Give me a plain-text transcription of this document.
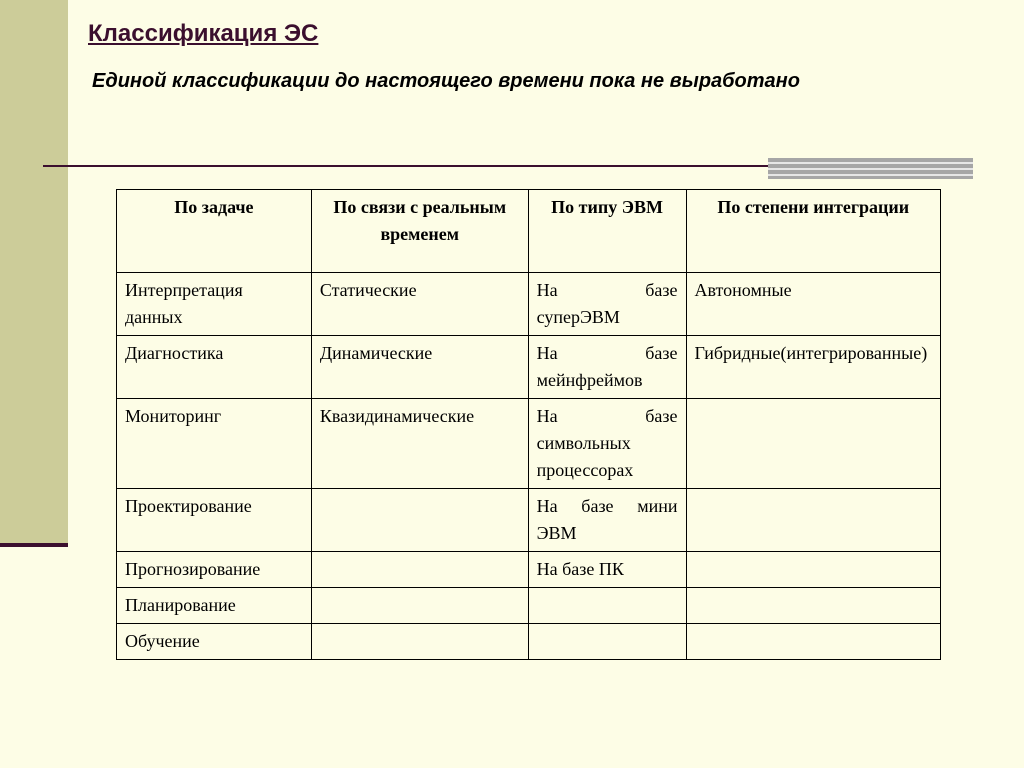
Классификация ЭС

Единой классификации до настоящего времени пока не выработано

По задаче	По связи с реальным временем	По типу ЭВМ	По степени интеграции
Интерпретация данных	Статические	На базе суперЭВМ	Автономные
Диагностика	Динамические	На базе мейнфреймов	Гибридные(интегрированные)
Мониторинг	Квазидинамические	На базе символьных процессорах	
Проектирование		На базе мини ЭВМ	
Прогнозирование		На базе ПК	
Планирование			
Обучение			
